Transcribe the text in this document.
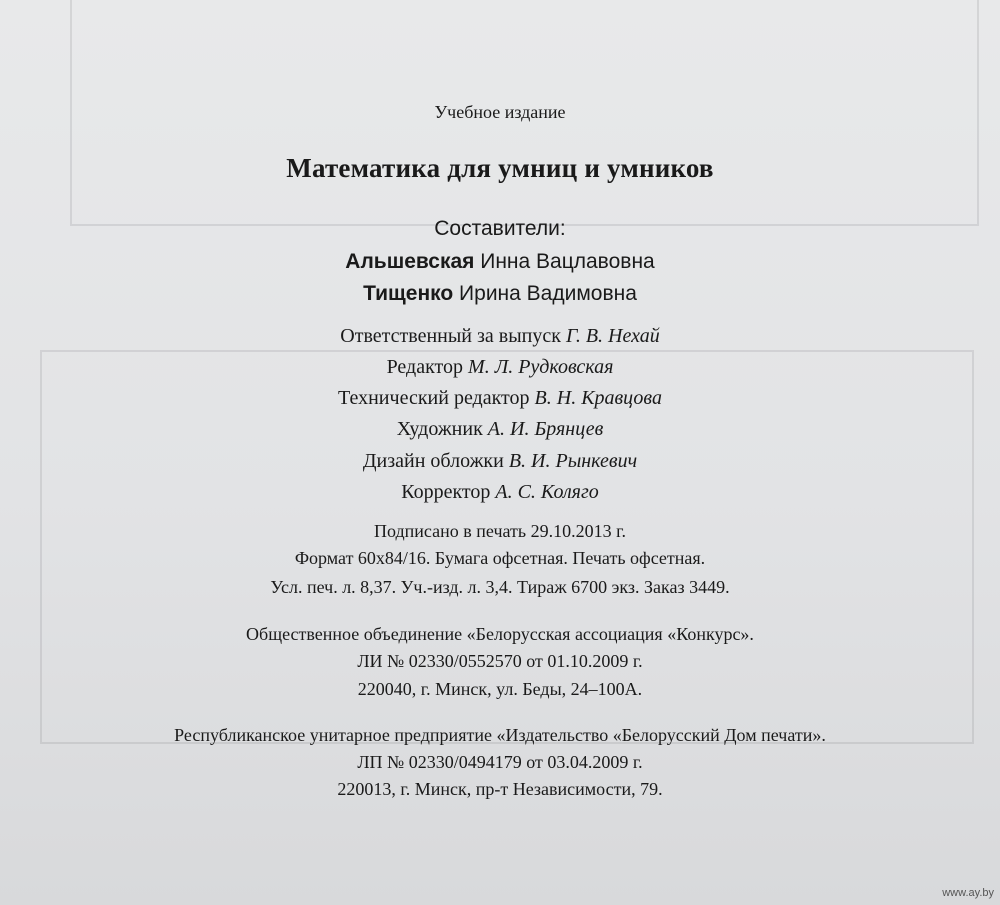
Учебное издание
Математика для умниц и умников
Составители:
Альшевская Инна Вацлавовна
Тищенко Ирина Вадимовна
Ответственный за выпуск Г. В. Нехай
Редактор М. Л. Рудковская
Технический редактор В. Н. Кравцова
Художник А. И. Брянцев
Дизайн обложки В. И. Рынкевич
Корректор А. С. Коляго
Подписано в печать 29.10.2013 г.
Формат 60х84/16. Бумага офсетная. Печать офсетная.
Усл. печ. л. 8,37. Уч.-изд. л. 3,4. Тираж 6700 экз. Заказ 3449.
Общественное объединение «Белорусская ассоциация «Конкурс».
ЛИ № 02330/0552570 от 01.10.2009 г.
220040, г. Минск, ул. Беды, 24–100А.
Республиканское унитарное предприятие «Издательство «Белорусский Дом печати».
ЛП № 02330/0494179 от 03.04.2009 г.
220013, г. Минск, пр-т Независимости, 79.
www.ay.by
